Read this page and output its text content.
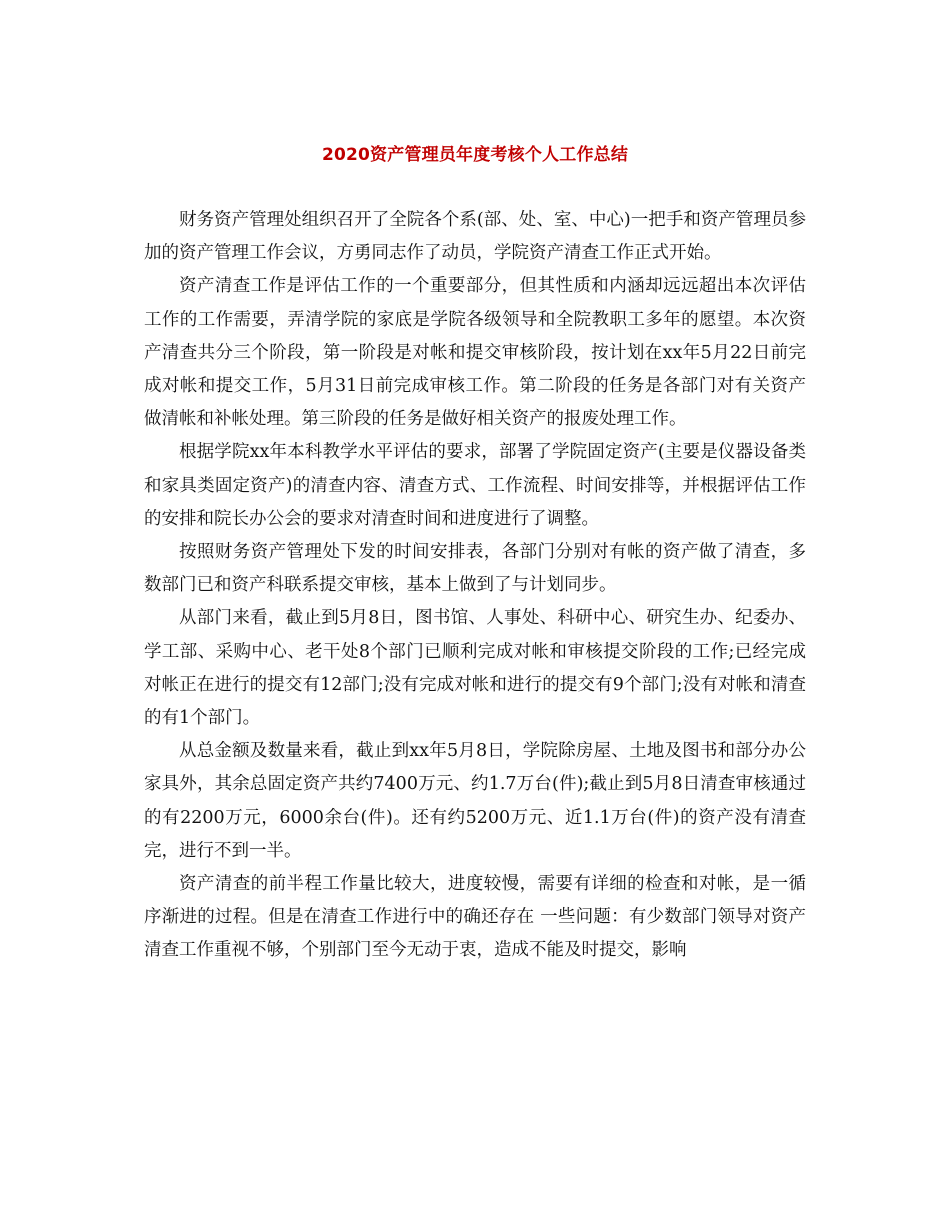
2020资产管理员年度考核个人工作总结

财务资产管理处组织召开了全院各个系(部、处、室、中心)一把手和资产管理员参加的资产管理工作会议，方勇同志作了动员，学院资产清查工作正式开始。

资产清查工作是评估工作的一个重要部分，但其性质和内涵却远远超出本次评估工作的工作需要，弄清学院的家底是学院各级领导和全院教职工多年的愿望。本次资产清查共分三个阶段，第一阶段是对帐和提交审核阶段，按计划在xx年5月22日前完成对帐和提交工作，5月31日前完成审核工作。第二阶段的任务是各部门对有关资产做清帐和补帐处理。第三阶段的任务是做好相关资产的报废处理工作。

根据学院xx年本科教学水平评估的要求，部署了学院固定资产(主要是仪器设备类和家具类固定资产)的清查内容、清查方式、工作流程、时间安排等，并根据评估工作的安排和院长办公会的要求对清查时间和进度进行了调整。

按照财务资产管理处下发的时间安排表，各部门分别对有帐的资产做了清查，多数部门已和资产科联系提交审核，基本上做到了与计划同步。

从部门来看，截止到5月8日，图书馆、人事处、科研中心、研究生办、纪委办、学工部、采购中心、老干处8个部门已顺利完成对帐和审核提交阶段的工作;已经完成对帐正在进行的提交有12部门;没有完成对帐和进行的提交有9个部门;没有对帐和清查的有1个部门。

从总金额及数量来看，截止到xx年5月8日，学院除房屋、土地及图书和部分办公家具外，其余总固定资产共约7400万元、约1.7万台(件);截止到5月8日清查审核通过的有2200万元，6000余台(件)。还有约5200万元、近1.1万台(件)的资产没有清查完，进行不到一半。

资产清查的前半程工作量比较大，进度较慢，需要有详细的检查和对帐，是一循序渐进的过程。但是在清查工作进行中的确还存在 一些问题：有少数部门领导对资产清查工作重视不够，个别部门至今无动于衷，造成不能及时提交，影响
